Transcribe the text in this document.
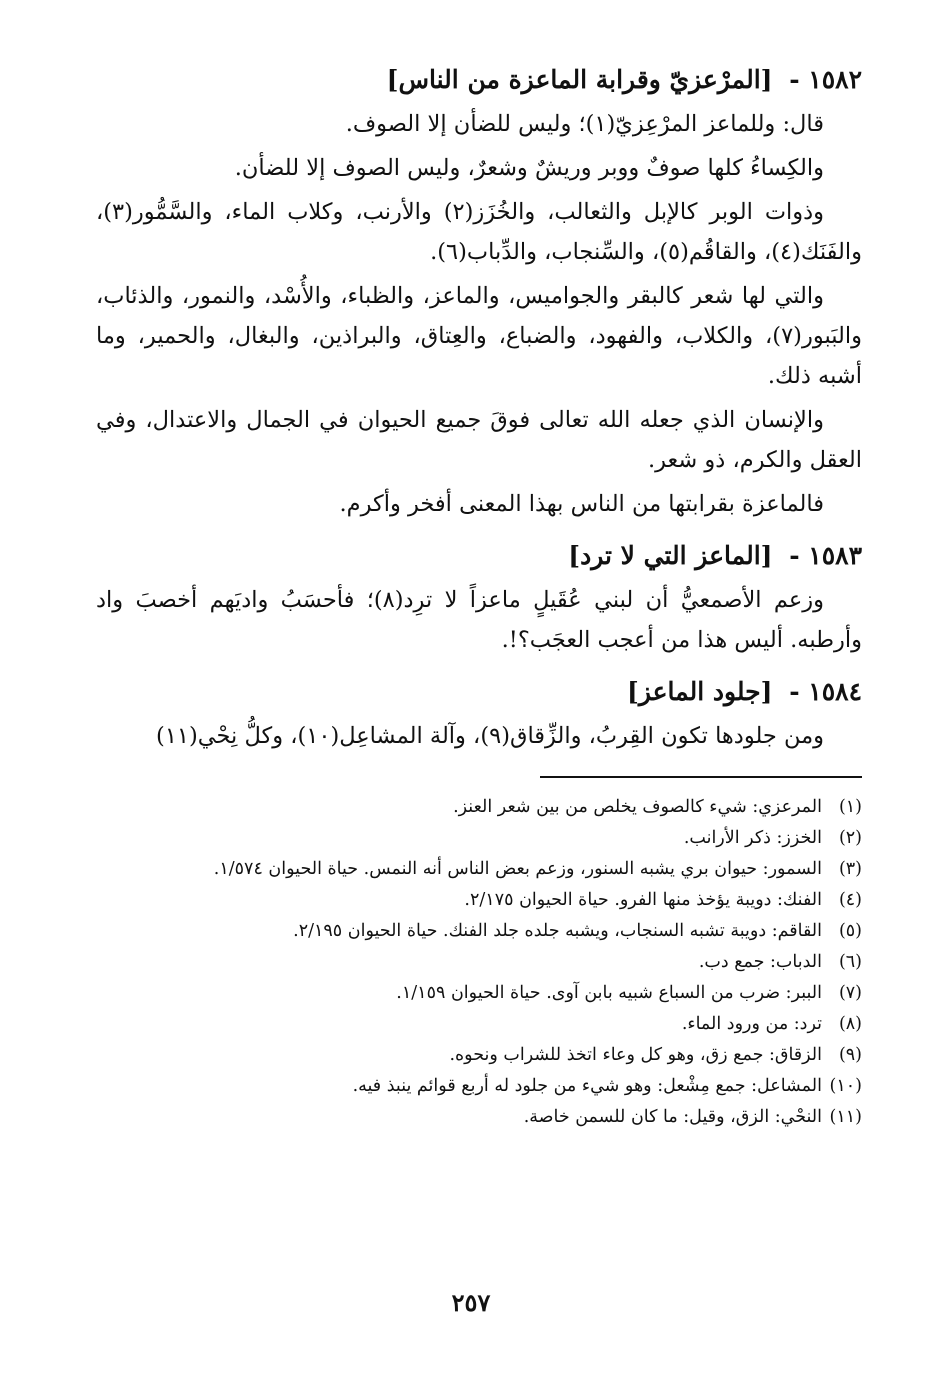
١٥٨٢ - [المرْعزيّ وقرابة الماعزة من الناس]

قال: وللماعز المرْعِزيّ(١)؛ وليس للضأن إلا الصوف.

والكِساءُ كلها صوفٌ ووبر وريشٌ وشعرٌ، وليس الصوف إلا للضأن.

وذوات الوبر كالإبل والثعالب، والخُزَز(٢) والأرنب، وكلاب الماء، والسَّمُّور(٣)، والفَنَك(٤)، والقاقُم(٥)، والسِّنجاب، والدِّباب(٦).

والتي لها شعر كالبقر والجواميس، والماعز، والظباء، والأُسْد، والنمور، والذئاب، والبَبور(٧)، والكلاب، والفهود، والضباع، والعِتاق، والبراذين، والبغال، والحمير، وما أشبه ذلك.

والإنسان الذي جعله الله تعالى فوقَ جميع الحيوان في الجمال والاعتدال، وفي العقل والكرم، ذو شعر.

فالماعزة بقرابتها من الناس بهذا المعنى أفخر وأكرم.

١٥٨٣ - [الماعز التي لا ترد]

وزعم الأصمعيُّ أن لبني عُقَيلٍ ماعزاً لا ترِد(٨)؛ فأحسَبُ واديَهم أخصبَ واد وأرطبه. أليس هذا من أعجب العجَب؟!.

١٥٨٤ - [جلود الماعز]

ومن جلودها تكون القِربُ، والزِّقاق(٩)، وآلة المشاعِل(١٠)، وكلُّ نِحْي(١١)

(١)المرعزي: شيء كالصوف يخلص من بين شعر العنز.
(٢)الخزز: ذكر الأرانب.
(٣)السمور: حيوان بري يشبه السنور، وزعم بعض الناس أنه النمس. حياة الحيوان ١/٥٧٤.
(٤)الفنك: دويبة يؤخذ منها الفرو. حياة الحيوان ٢/١٧٥.
(٥)القاقم: دويبة تشبه السنجاب، ويشبه جلده جلد الفنك. حياة الحيوان ٢/١٩٥.
(٦)الدباب: جمع دب.
(٧)الببر: ضرب من السباع شبيه بابن آوى. حياة الحيوان ١/١٥٩.
(٨)ترد: من ورود الماء.
(٩)الزقاق: جمع زق، وهو كل وعاء اتخذ للشراب ونحوه.
(١٠)المشاعل: جمع مِشْعل: وهو شيء من جلود له أربع قوائم ينبذ فيه.
(١١)النحْي: الزق، وقيل: ما كان للسمن خاصة.
٢٥٧
